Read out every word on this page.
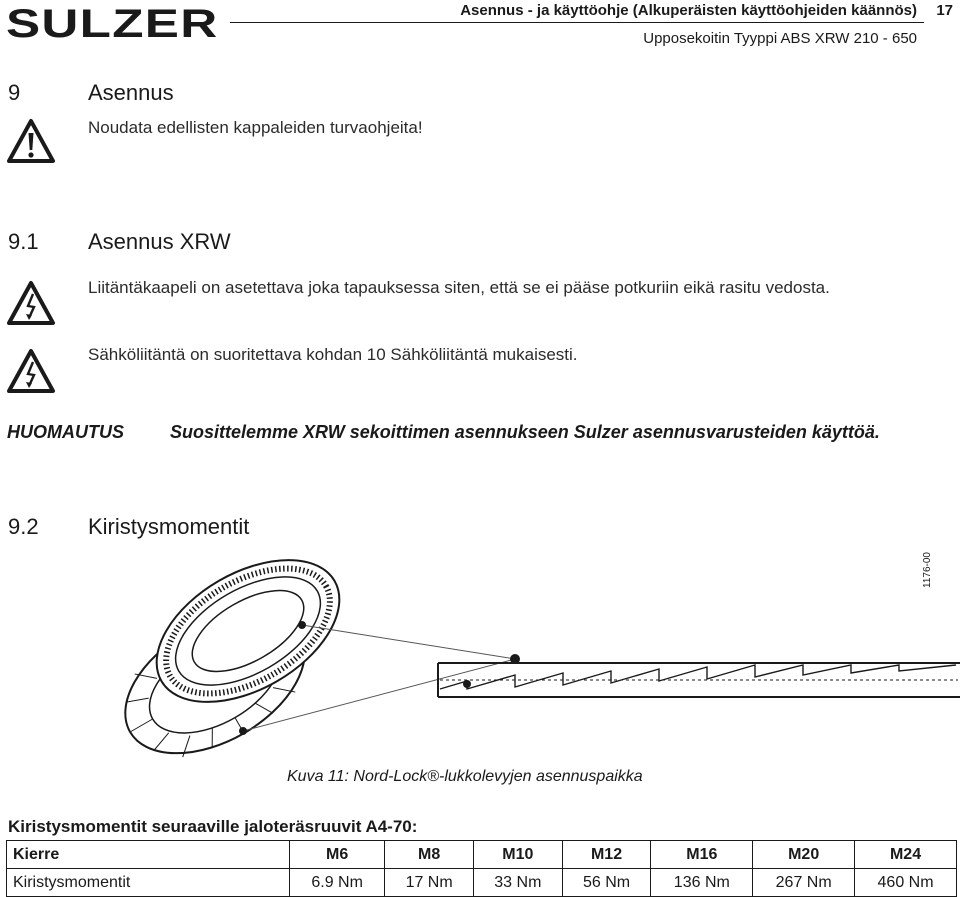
SULZER	Asennus - ja käyttöohje (Alkuperäisten käyttöohjeiden käännös) 17
Upposekoitin Tyyppi ABS XRW 210 - 650
9	Asennus
Noudata edellisten kappaleiden turvaohjeita!
9.1 Asennus XRW
Liitäntäkaapeli on asetettava joka tapauksessa siten, että se ei pääse potkuriin eikä rasitu vedosta.
Sähköliitäntä on suoritettava kohdan 10 Sähköliitäntä mukaisesti.
HUOMAUTUS	Suosittelemme XRW sekoittimen asennukseen Sulzer asennusvarusteiden käyttöä.
9.2 Kiristysmomentit
1176-00
Kuva 11: Nord-Lock®-lukkolevyjen asennuspaikka
Kiristysmomentit seuraaville jaloteräsruuvit A4-70:
Kierre	M6	M8	M10	M12	M16	M20	M24
Kiristysmomentit	6.9 Nm	17 Nm	33 Nm	56 Nm	136 Nm	267 Nm	460 Nm
